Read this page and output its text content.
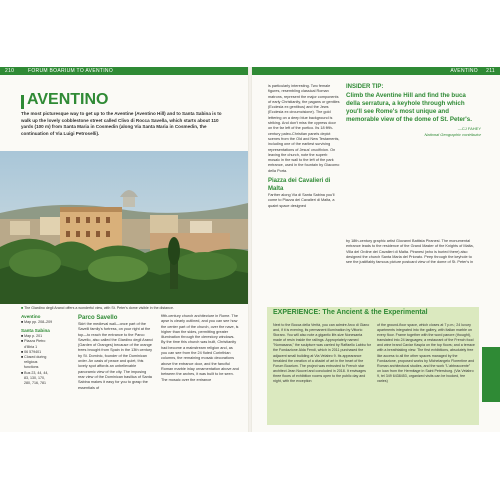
210	FORUM BOARIUM TO AVENTINO
AVENTINO
The most picturesque way to get up to the Aventine (Aventino Hill) and to Santa Sabina is to walk up the lovely cobblestone street called Clivo di Rocca Savella, which starts about 110 yards (100 m) from Santa Maria in Cosmedin (along Via Santa Maria in Cosmedin, the continuation of Via Luigi Petroselli).
■ The Giardino degli Aranci offers a wonderful view, with St. Peter's dome visible in the distance.
Aventino
■ Map pp. 208–209
Santa Sabina
■ Map p. 201
■ Piazza Pietro
d'Illiria 1
■ 06 579401
■ Closed during
religious
functions
■ Bus 23, 44, 44,
83, 130, 170,
280, 716, 781
Parco Savello

Skirt the medieval wall—once part of the Savelli family's fortress, on your right at the top—to reach the entrance to the Parco Savello, also called the Giardino degli Aranci (Garden of Oranges) because of the orange trees brought from Spain in the 13th century by St. Dominic, founder of the Dominican order. An oasis of peace and quiet, this lovely spot affords an unbelievable panoramic view of the city. The imposing rear view of the Dominican basilica of Santa Sabina makes it easy for you to grasp the essentials of

fifth-century church architecture in Rome. The apse is clearly outlined, and you can see how the center part of the church, over the nave, is higher than the sides, permitting greater illumination through the clerestory windows. By the time this church was built, Christianity had become a mainstream religion and, as you can see from the 24 fluted Corinthian columns, the remaining mosaic decorations above the entrance door, and the fanciful Roman marble inlay ornamentation above and between the arches, it was built to be seen. The mosaic over the entrance

AVENTINO 211

is particularly interesting. Two female figures, resembling classical Roman matrons, represent the major components of early Christianity, the pagans or gentiles (Ecclesia ex gentibus) and the Jews (Ecclesia ex circumcisione). The gold lettering on a deep blue background is striking. And don't miss the cypress door on the far left of the portico. Its 18 fifth-century paleo-Christian panels depict scenes from the Old and New Testaments, including one of the earliest surviving representations of Jesus' crucifixion. On leaving the church, note the superb mosaic in the wall to the left of the park entrance, used in the fountain by Giacomo della Porta.

Piazza dei Cavalieri di Malta

Farther along Via di Santa Sabina you'll come to Piazza dei Cavalieri di Malta, a quaint space designed

INSIDER TIP:
Climb the Aventine Hill and find the buca della serratura, a keyhole through which you'll see Rome's most unique and memorable view of the dome of St. Peter's.
—CJ FAHEY
National Geographic contributor

by 18th-century graphic artist Giovanni Battista Piranesi. The monumental entrance leads to the residence of the Grand Master of the Knights of Malta, Villa del Ordine dei Cavalieri di Malta. Piranesi (who is buried there) also designed the church Santa Maria del Priorato. Peep through the keyhole to see the justifiably famous picture postcard view of the dome of St. Peter's in

EXPERIENCE: The Ancient & the Experimental
Next to the Bocca della Verità, you can admire Arco di Giano and, if it is evening, its permanent illumination by Vittorio Storaro. You will also note a gigantic life-size Nonesanta made of resin inside the railings. Appropriately named "Nomasana," the sculpture was carried by Raffaello Labbu for the Fondazione Alda Fendi, which in 2011 purchased the adjacent small building at Via Velabro 9. Its appearance heralded the creation of a citadel of art in the heart of the Forum Boarium. The project was entrusted to French star architect Jean Nouvel and concluded in 2018. It envisages three floors of exhibition rooms open to the public day and night, with the exception
of the ground-floor space, which closes at 7 p.m.; 24 luxury apartments integrated into the gallery, with Italian marble on every floor. Frame together with the word panore (thought), translated into 24 languages; a restaurant of the French food and wine brand Caviar Kaspia on the top floors; and a terrace with a breathtaking view. The first exhibitions, absolutely free like access to all the other spaces managed by the Fondazione, proposed works by Michelangelo Florentine and Roman architectural studies, and the work "L'abbraccente" on loan from the Hermitage in Saint Petersburg. (Via Velabro 9, tel 349 6438453, organized visits can be booked, fee varies)
